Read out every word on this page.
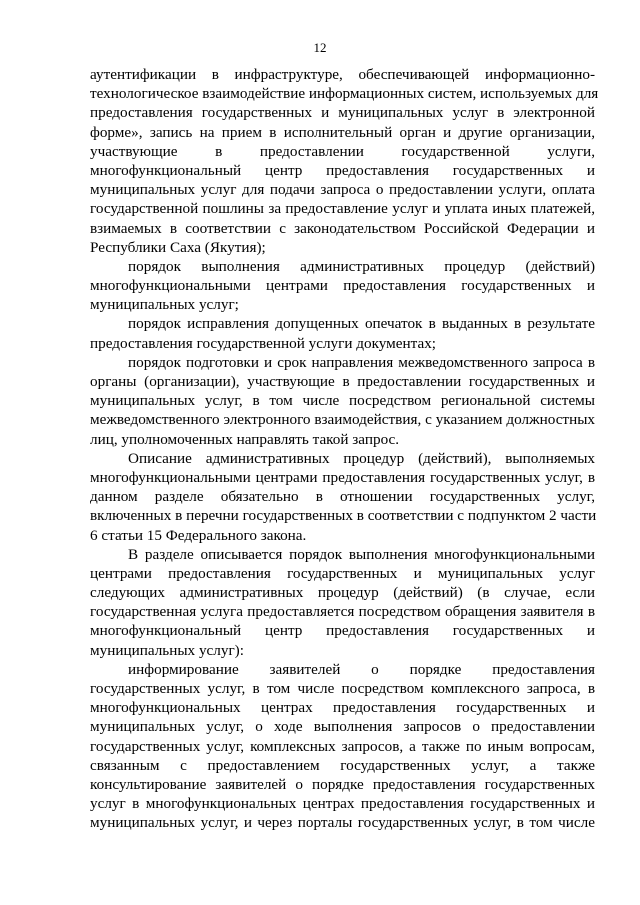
12
аутентификации в инфраструктуре, обеспечивающей информационно-
технологическое взаимодействие информационных систем, используемых для
предоставления государственных и муниципальных услуг в электронной
форме», запись на прием в исполнительный орган и другие организации,
участвующие в предоставлении государственной услуги,
многофункциональный центр предоставления государственных и
муниципальных услуг для подачи запроса о предоставлении услуги, оплата
государственной пошлины за предоставление услуг и уплата иных платежей,
взимаемых в соответствии с законодательством Российской Федерации и
Республики Саха (Якутия);
порядок выполнения административных процедур (действий)
многофункциональными центрами предоставления государственных и
муниципальных услуг;
порядок исправления допущенных опечаток в выданных в результате
предоставления государственной услуги документах;
порядок подготовки и срок направления межведомственного запроса в
органы (организации), участвующие в предоставлении государственных и
муниципальных услуг, в том числе посредством региональной системы
межведомственного электронного взаимодействия, с указанием должностных
лиц, уполномоченных направлять такой запрос.
Описание административных процедур (действий), выполняемых
многофункциональными центрами предоставления государственных услуг, в
данном разделе обязательно в отношении государственных услуг,
включенных в перечни государственных в соответствии с подпунктом 2 части
6 статьи 15 Федерального закона.
В разделе описывается порядок выполнения многофункциональными
центрами предоставления государственных и муниципальных услуг
следующих административных процедур (действий) (в случае, если
государственная услуга предоставляется посредством обращения заявителя в
многофункциональный центр предоставления государственных и
муниципальных услуг):
информирование заявителей о порядке предоставления
государственных услуг, в том числе посредством комплексного запроса, в
многофункциональных центрах предоставления государственных и
муниципальных услуг, о ходе выполнения запросов о предоставлении
государственных услуг, комплексных запросов, а также по иным вопросам,
связанным с предоставлением государственных услуг, а также
консультирование заявителей о порядке предоставления государственных
услуг в многофункциональных центрах предоставления государственных и
муниципальных услуг, и через порталы государственных услуг, в том числе
